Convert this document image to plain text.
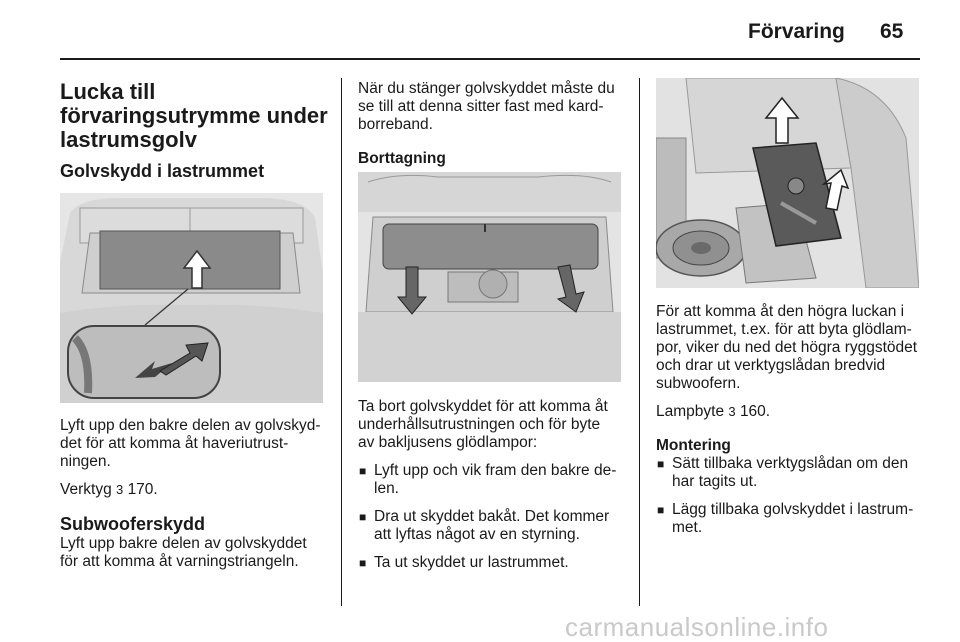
Förvaring 65
Lucka till
förvaringsutrymme under
lastrumsgolv
Golvskydd i lastrummet

Lyft upp den bakre delen av golvskyd-
det för att komma åt haveriutrust-
ningen.

Verktyg 3 170.

Subwooferskydd

Lyft upp bakre delen av golvskyddet
för att komma åt varningstriangeln.

När du stänger golvskyddet måste du
se till att denna sitter fast med kard-
borreband.

Borttagning

Ta bort golvskyddet för att komma åt
underhållsutrustningen och för byte
av bakljusens glödlampor:

■ Lyft upp och vik fram den bakre de-
len.
■ Dra ut skyddet bakåt. Det kommer
att lyftas något av en styrning.
■ Ta ut skyddet ur lastrummet.

För att komma åt den högra luckan i
lastrummet, t.ex. för att byta glödlam-
por, viker du ned det högra ryggstödet
och drar ut verktygslådan bredvid
subwoofern.

Lampbyte 3 160.

Montering
■ Sätt tillbaka verktygslådan om den
har tagits ut.
■ Lägg tillbaka golvskyddet i lastrum-
met.
carmanualsonline.info
